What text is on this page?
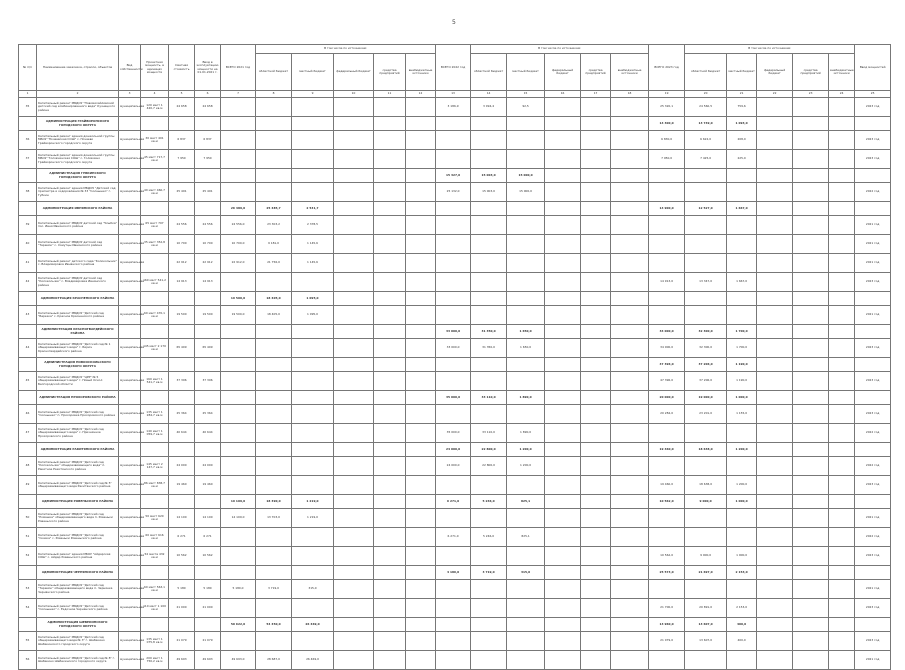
5
№ п/п	Наименование заказчика, отрасли, объектов	Вид собственности	Проектная мощность, в единицах мощности	Сметная стоимость	Ввод в эксплуатацию мощности на 01.01.2021 г.	ВСЕГО 2021 год	В том числе по источникам:					ВСЕГО 2022 год	В том числе по источникам:					ВСЕГО 2023 год	В том числе по источникам:					Ввод мощностей
							областной бюджет	местный бюджет	федеральный бюджет	средства предприятий	внебюджетные источники		областной бюджет	местный бюджет	федеральный бюджет	средства предприятий	внебюджетные источники		областной бюджет	местный бюджет	федеральный бюджет	средства предприятий	внебюджетные источники	
1	2	3	4	5	6	7	8	9	10	11	12	13	14	15	16	17	18	19	20	21	22	23	24	25
35	Капитальный ремонт МБДОУ "Новомихайловский детский сад комбинированного вида" Кузнецкого района	муниципальная	120 мест 1 420,7 кв.м	24 658	24 658							3 186,9	3 094,4	92,5				25 320,1	24 560,5	759,6				2023 год
	АДМИНИСТРАЦИЯ ГРАЙВОРОНСКОГО ГОРОДСКОГО ОКРУГА																	14 300,0	13 749,0	1 093,0				
36	Капитальный ремонт здания дошкольной группы МБОУ "Почаевская СОШ" с. Почаево Грайворонского городского округа	муниципальная	30 мест 401 кв.м	6 837	6 837													6 830,0	6 622,0	208,0				2023 год
37	Капитальный ремонт здания дошкольной группы МБОУ "Головчинская СОШ" с. Головчино Грайворонского городского округа	муниципальная	45 мест 717,7 кв.м	7 950	7 950													7 950,0	7 425,0	225,0				2023 год
	АДМИНИСТРАЦИЯ ГУБКИНСКОГО ГОРОДСКОГО ОКРУГА											15 327,0	15 003,0	15 000,0										
38	Капитальный ремонт здания МБДОУ "Детский сад присмотра и оздоровления № 33 "Солнышко" г. Губкин	муниципальная	40 мест 460,7 кв.м	25 491	25 491							25 132,0	15 003,0	15 000,0										2022 год
	АДМИНИСТРАЦИЯ ИВНЯНСКОГО РАЙОНА					26 489,0	25 485,7	2 531,7										14 900,0	12 527,0	1 667,0				
39	Капитальный ремонт МБДОУ детский сад "Улыбка" пос. Ивня Ивнянского района	муниципальная	65 мест 707 кв.м	24 556	24 556	24 556,0	23 303,2	2 378,5																2021 год
40	Капитальный ремонт МБДОУ детский сад "Теремок" с. Хомутцы Ивнянского района	муниципальная	35 мест 352,8 кв.м	10 700	10 700	10 700,0	9 181,0	1 145,6																2021 год
41	Капитальный ремонт детского сада "Колокольчик" с. Владимировка Ивнянского района	муниципальная		22 912	22 912	22 912,0	21 756,0	1 145,6																2021 год
42	Капитальный ремонт МБДОУ детский сад "Колокольчик" с. Владимировка Ивнянского района	муниципальная	160 мест 541,2 кв.м	14 913	14 913													14 913,0	13 347,0	1 667,0				2023 год
	АДМИНИСТРАЦИЯ КРАСНЕНСКОГО РАЙОНА					19 500,0	18 405,0	1 095,0																
43	Капитальный ремонт МБДОУ "Детский сад "Березка" с. Красное Красненского района	муниципальная	60 мест 470,1 кв.м	19 500	19 500	19 500,0	18 405,0	1 095,0																2021 год
	АДМИНИСТРАЦИЯ КРАСНОГВАРДЕЙСКОГО РАЙОНА											33 000,0	31 350,0	1 650,0				34 000,0	32 300,0	1 700,0				
44	Капитальный ремонт МБДОУ "Детский сад № 1 общеразвивающего вида" г. Бирюч Красногвардейского района	муниципальная	145 мест 2 170 кв.м	65 409	65 409							33 000,0	31 350,0	1 650,0				34 000,0	32 300,0	1 700,0				2023 год
	АДМИНИСТРАЦИЯ НОВООСКОЛЬСКОГО ГОРОДСКОГО ОКРУГА																	47 396,0	37 206,0	1 190,0				
45	Капитальный ремонт МБДОУ "ЦРР" № 5 общеразвивающего вида" г. Новый Оскол Белгородской области	муниципальная	160 мест 1 541,7 кв.м	37 396	37 396													47 396,0	37 206,0	1 190,0				2023 год
	АДМИНИСТРАЦИЯ ПРОХОРОВСКОГО РАЙОНА											35 000,0	33 110,0	1 890,0				20 000,0	19 000,0	1 000,0				
46	Капитальный ремонт МБДОУ "Детский сад "Солнышко" п. Прохоровка Прохоровского района	муниципальная	135 мест 1 284,7 кв.м	25 364	25 364													20 284,0	23 201,0	1 155,0				2023 год
47	Капитальный ремонт МБДОУ "Детский сад общеразвивающего вида" с. Призначное Прохоровского района	муниципальная	140 мест 1 059,7 кв.м	40 644	40 644							35 000,0	33 110,0	1 890,0										2022 год
	АДМИНИСТРАЦИЯ РАКИТЯНСКОГО РАЙОНА											24 000,0	22 800,0	1 200,0				19 460,0	18 638,0	1 200,0				
48	Капитальный ремонт МБДОУ "Детский сад "Колокольчик" общеразвивающего вида" п. Ракитное Ракитянского района	муниципальная	145 мест 2 147,7 кв.м	24 000	24 000							24 000,0	22 800,0	1 200,0										2022 год
49	Капитальный ремонт МБДОУ "Детский сад № 5" общеразвивающего вида Ракитянского района	муниципальная	86 мест 838,7 кв.м	19 460	19 460													19 460,0	18 638,0	1 200,0				2023 год
	АДМИНИСТРАЦИЯ РОВЕНЬСКОГО РАЙОНА					19 109,0	18 390,0	1 219,0				6 271,0	5 246,0	825,1				10 562,0	9 000,0	1 000,0				
50	Капитальный ремонт МБДОУ "Детский сад "Ромашка" общеразвивающего вида п. Ровеньки Ровеньского района	муниципальная	50 мест 620 кв.м	14 100	14 100	14 109,0	13 703,0	1 219,0																2021 год
51	Капитальный ремонт МБДОУ "Детский сад "Сказка" с. Ровеньки Ровеньского района	муниципальная	60 мест 616 кв.м	6 271	6 271							6 271,0	5 246,0	825,1										2022 год
52	Капитальный ремонт здания МБОУ "Айдарская СОШ" с. Айдар Ровеньского района	муниципальная	54 места 432 кв.м	10 562	10 562													10 562,0	9 000,0	1 000,0				2023 год
	АДМИНИСТРАЦИЯ ЧЕРНЯНСКОГО РАЙОНА											4 186,0	3 719,0	315,0				25 573,0	21 697,0	2 153,0				
53	Капитальный ремонт МБДОУ "Детский сад "Теремок" общеразвивающего вида п. Чернянка Чернянского района	муниципальная	60 мест 563,1 кв.м	5 180	5 180	5 180,0	3 719,0	315,0																2021 год
54	Капитальный ремонт МБДОУ "Детский сад "Солнышко" с. Ездочное Чернянского района	муниципальная	110 мест 1 100 кв.м	21 000	21 000													21 700,0	20 891,0	2 153,0				2023 год
	АДМИНИСТРАЦИЯ ШЕБЕКИНСКОГО ГОРОДСКОГО ОКРУГА					50 622,0	54 450,0	26 469,0										13 960,0	13 607,0	400,0				
55	Капитальный ремонт МБДОУ "Детский сад общеразвивающего вида № 3" г. Шебекино Шебекинского городского округа	муниципальная	135 мест 1 075,8 кв.м	21 079	21 079													21 079,0	13 607,0	400,0				2023 год
56	Капитальный ремонт МБДОУ "Детский сад № 8" г. Шебекино Шебекинского городского округа	муниципальная	200 мест 1 750,2 кв.м	49 693	49 693	49 693,0	28 687,0	26 469,0																2021 год
